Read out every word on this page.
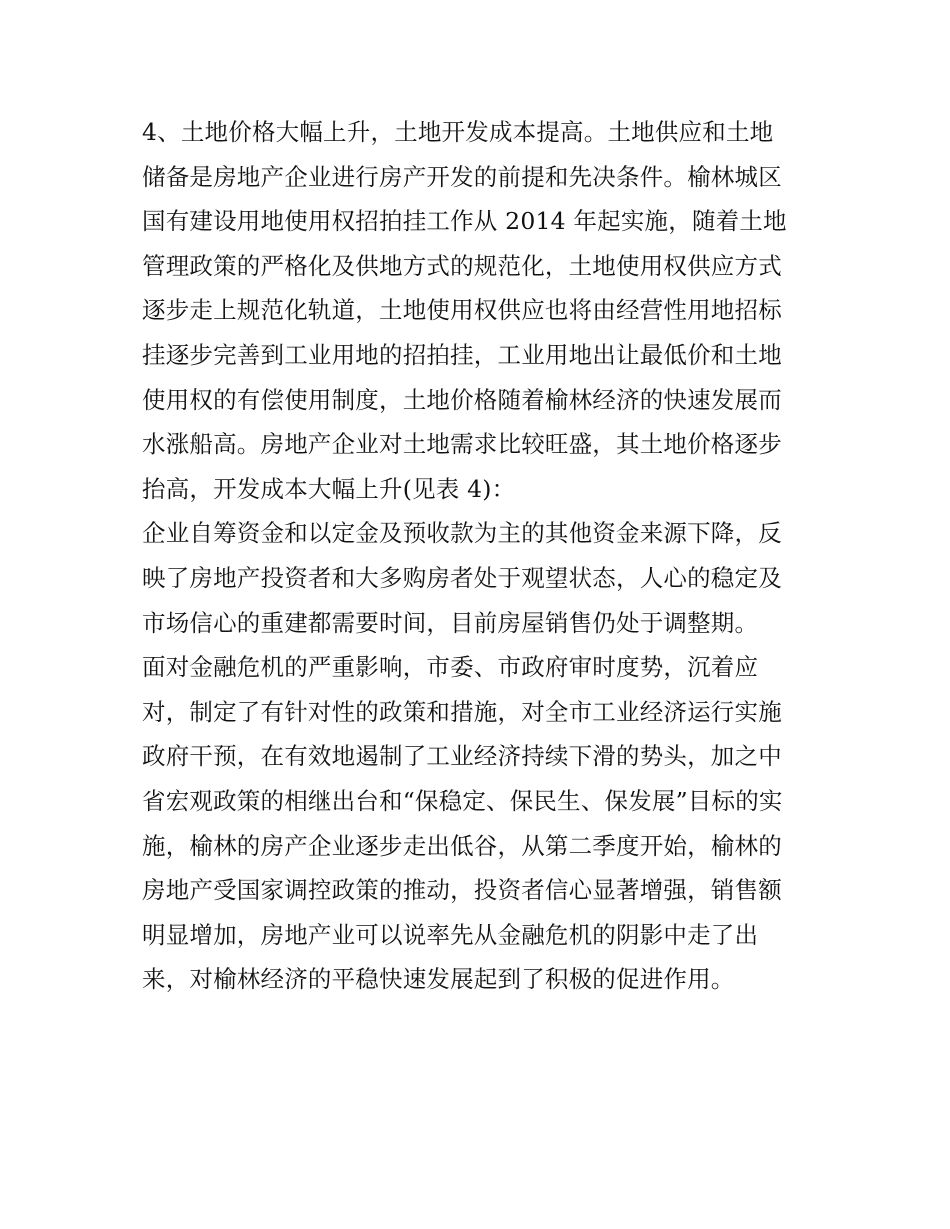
4、土地价格大幅上升，土地开发成本提高。土地供应和土地
储备是房地产企业进行房产开发的前提和先决条件。榆林城区
国有建设用地使用权招拍挂工作从 2014 年起实施，随着土地
管理政策的严格化及供地方式的规范化，土地使用权供应方式
逐步走上规范化轨道，土地使用权供应也将由经营性用地招标
挂逐步完善到工业用地的招拍挂，工业用地出让最低价和土地
使用权的有偿使用制度，土地价格随着榆林经济的快速发展而
水涨船高。房地产企业对土地需求比较旺盛，其土地价格逐步
抬高，开发成本大幅上升(见表 4)：
企业自筹资金和以定金及预收款为主的其他资金来源下降，反
映了房地产投资者和大多购房者处于观望状态，人心的稳定及
市场信心的重建都需要时间，目前房屋销售仍处于调整期。
面对金融危机的严重影响，市委、市政府审时度势，沉着应
对，制定了有针对性的政策和措施，对全市工业经济运行实施
政府干预，在有效地遏制了工业经济持续下滑的势头，加之中
省宏观政策的相继出台和“保稳定、保民生、保发展”目标的实
施，榆林的房产企业逐步走出低谷，从第二季度开始，榆林的
房地产受国家调控政策的推动，投资者信心显著增强，销售额
明显增加，房地产业可以说率先从金融危机的阴影中走了出
来，对榆林经济的平稳快速发展起到了积极的促进作用。
